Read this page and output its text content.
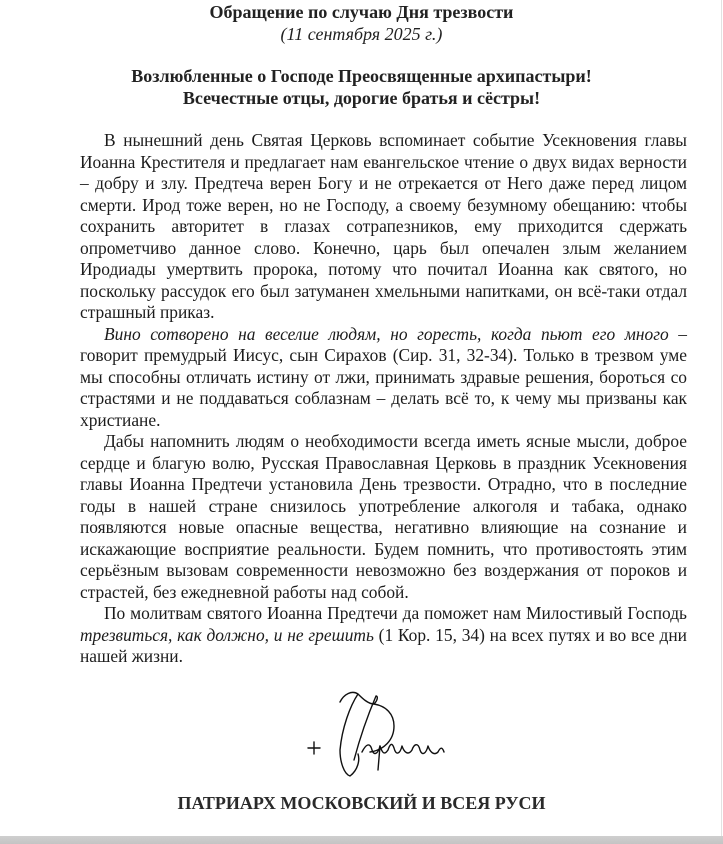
Обращение по случаю Дня трезвости
(11 сентября 2025 г.)
Возлюбленные о Господе Преосвященные архипастыри!
Всечестные отцы, дорогие братья и сёстры!

В нынешний день Святая Церковь вспоминает событие Усекновения главы Иоанна Крестителя и предлагает нам евангельское чтение о двух видах верности – добру и злу. Предтеча верен Богу и не отрекается от Него даже перед лицом смерти. Ирод тоже верен, но не Господу, а своему безумному обещанию: чтобы сохранить авторитет в глазах сотрапезников, ему приходится сдержать опрометчиво данное слово. Конечно, царь был опечален злым желанием Иродиады умертвить пророка, потому что почитал Иоанна как святого, но поскольку рассудок его был затуманен хмельными напитками, он всё-таки отдал страшный приказ.

Вино сотворено на веселие людям, но горесть, когда пьют его много – говорит премудрый Иисус, сын Сирахов (Сир. 31, 32-34). Только в трезвом уме мы способны отличать истину от лжи, принимать здравые решения, бороться со страстями и не поддаваться соблазнам – делать всё то, к чему мы призваны как христиане.

Дабы напомнить людям о необходимости всегда иметь ясные мысли, доброе сердце и благую волю, Русская Православная Церковь в праздник Усекновения главы Иоанна Предтечи установила День трезвости. Отрадно, что в последние годы в нашей стране снизилось употребление алкоголя и табака, однако появляются новые опасные вещества, негативно влияющие на сознание и искажающие восприятие реальности. Будем помнить, что противостоять этим серьёзным вызовам современности невозможно без воздержания от пороков и страстей, без ежедневной работы над собой.

По молитвам святого Иоанна Предтечи да поможет нам Милостивый Господь трезвиться, как должно, и не грешить (1 Кор. 15, 34) на всех путях и во все дни нашей жизни.

ПАТРИАРХ МОСКОВСКИЙ И ВСЕЯ РУСИ
